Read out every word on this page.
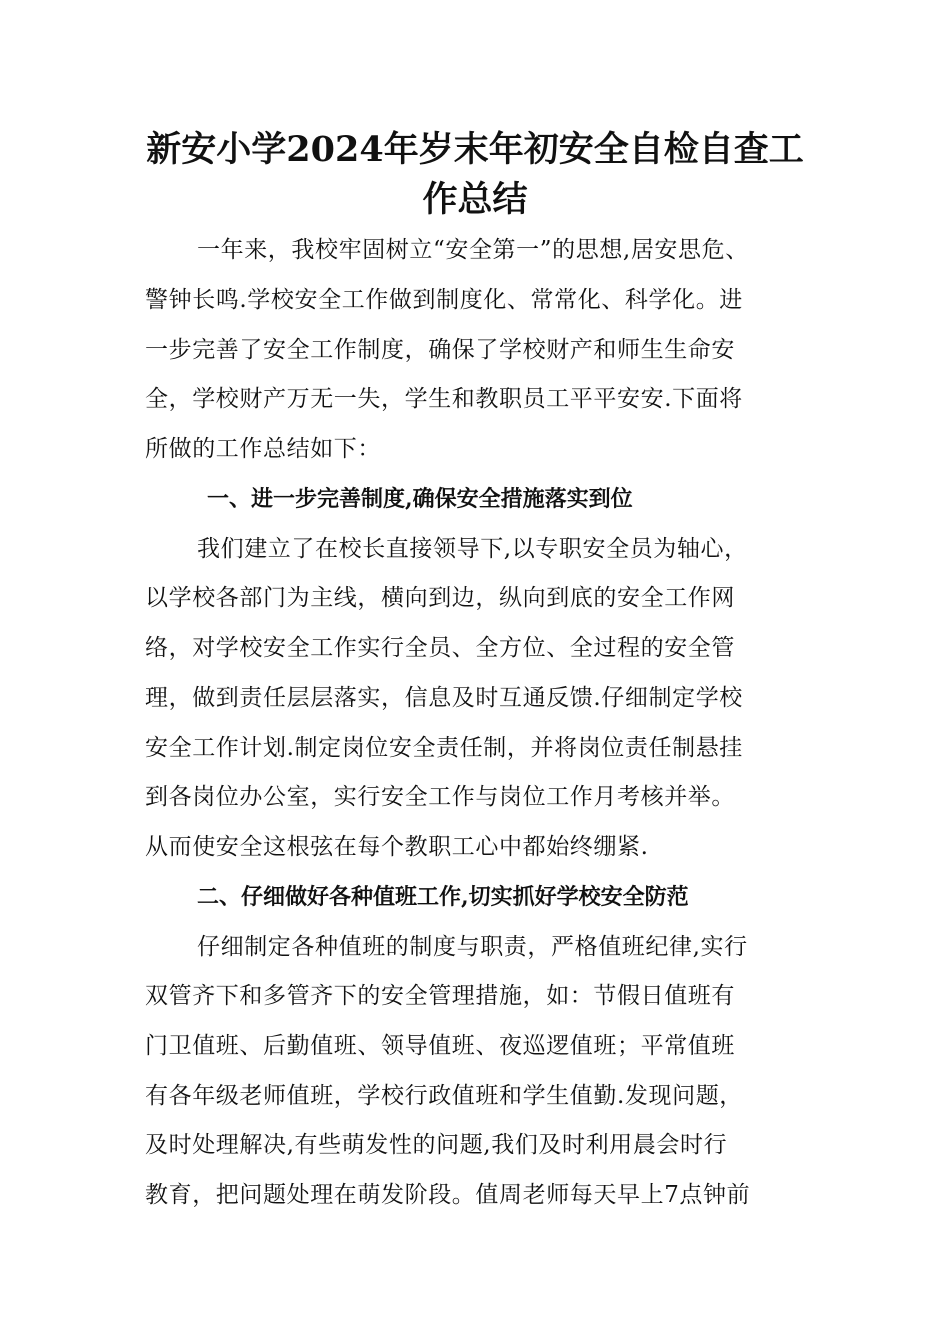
新安小学2024年岁末年初安全自检自查工
作总结

一年来，我校牢固树立“安全第一”的思想,居安思危、

警钟长鸣.学校安全工作做到制度化、常常化、科学化。进

一步完善了安全工作制度，确保了学校财产和师生生命安

全，学校财产万无一失，学生和教职员工平平安安.下面将

所做的工作总结如下：

一、进一步完善制度,确保安全措施落实到位

我们建立了在校长直接领导下,以专职安全员为轴心，

以学校各部门为主线，横向到边，纵向到底的安全工作网

络，对学校安全工作实行全员、全方位、全过程的安全管

理，做到责任层层落实，信息及时互通反馈.仔细制定学校

安全工作计划.制定岗位安全责任制，并将岗位责任制悬挂

到各岗位办公室，实行安全工作与岗位工作月考核并举。

从而使安全这根弦在每个教职工心中都始终绷紧.

二、仔细做好各种值班工作,切实抓好学校安全防范

仔细制定各种值班的制度与职责，严格值班纪律,实行

双管齐下和多管齐下的安全管理措施，如：节假日值班有

门卫值班、后勤值班、领导值班、夜巡逻值班；平常值班

有各年级老师值班，学校行政值班和学生值勤.发现问题，

及时处理解决,有些萌发性的问题,我们及时利用晨会时行

教育，把问题处理在萌发阶段。值周老师每天早上7点钟前
